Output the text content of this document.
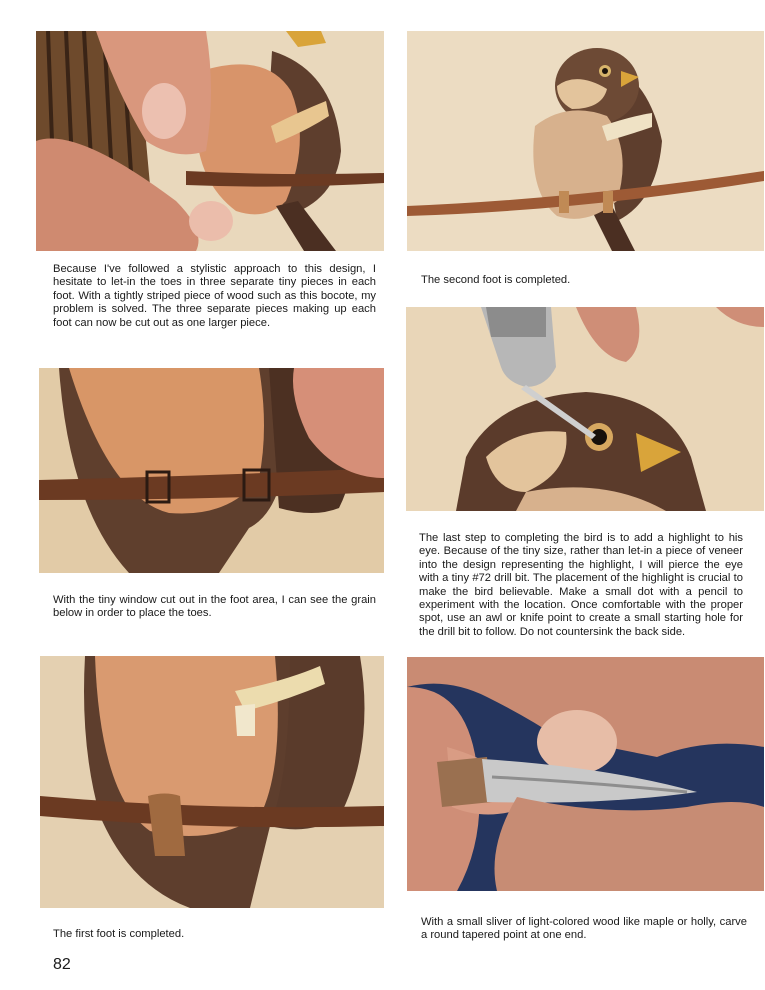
Because I've followed a stylistic approach to this design, I hesitate to let-in the toes in three separate tiny pieces in each foot. With a tightly striped piece of wood such as this bocote, my problem is solved. The three separate pieces making up each foot can now be cut out as one larger piece.

The second foot is completed.

With the tiny window cut out in the foot area, I can see the grain below in order to place the toes.

The last step to completing the bird is to add a highlight to his eye. Because of the tiny size, rather than let-in a piece of veneer into the design representing the highlight, I will pierce the eye with a tiny #72 drill bit. The placement of the highlight is crucial to make the bird believable. Make a small dot with a pencil to experiment with the location. Once comfortable with the proper spot, use an awl or knife point to create a small starting hole for the drill bit to follow. Do not countersink the back side.

The first foot is completed.

With a small sliver of light-colored wood like maple or holly, carve a round tapered point at one end.

82
